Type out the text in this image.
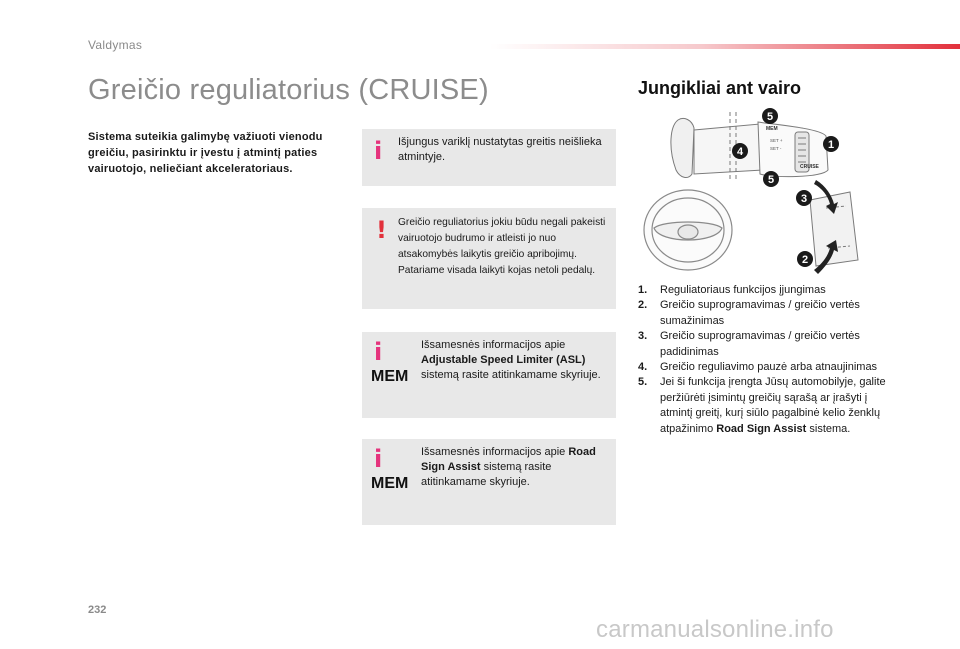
Valdymas
Greičio reguliatorius (CRUISE)

Sistema suteikia galimybę važiuoti vienodu greičiu, pasirinktu ir įvestu į atmintį paties vairuotojo, neliečiant akceleratoriaus.

i Išjungus variklį nustatytas greitis neišlieka atmintyje.

! Greičio reguliatorius jokiu būdu negali pakeisti vairuotojo budrumo ir atleisti jo nuo atsakomybės laikytis greičio apribojimų. Patariame visada laikyti kojas netoli pedalų.

i
MEM

Išsamesnės informacijos apie Adjustable Speed Limiter (ASL) sistemą rasite atitinkamame skyriuje.

i
MEM

Išsamesnės informacijos apie Road Sign Assist sistemą rasite atitinkamame skyriuje.

Jungikliai ant vairo
MEM
SET +
SET -
CRUISE
5
4
1
5
3
2
1.	Reguliatoriaus funkcijos įjungimas
2.	Greičio suprogramavimas / greičio vertės sumažinimas
3.	Greičio suprogramavimas / greičio vertės padidinimas
4.	Greičio reguliavimo pauzė arba atnaujinimas
5.	Jei ši funkcija įrengta Jūsų automobilyje, galite peržiūrėti įsimintų greičių sąrašą ar įrašyti į atmintį greitį, kurį siūlo pagalbinė kelio ženklų atpažinimo Road Sign Assist sistema.
232
carmanualsonline.info
